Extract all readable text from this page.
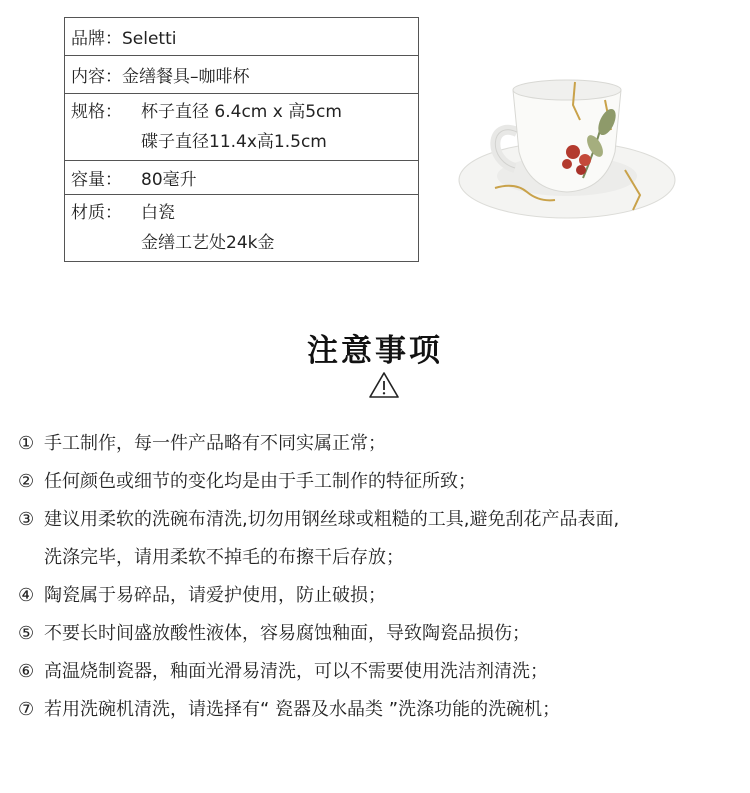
品牌：Seletti
内容：金缮餐具–咖啡杯

规格： 杯子直径 6.4cm x 高5cm
碟子直径11.4x高1.5cm

容量： 80毫升

材质： 白瓷
金缮工艺处24k金
注意事项
① 手工制作，每一件产品略有不同实属正常；
② 任何颜色或细节的变化均是由于手工制作的特征所致；
③ 建议用柔软的洗碗布清洗,切勿用钢丝球或粗糙的工具,避免刮花产品表面,
洗涤完毕，请用柔软不掉毛的布擦干后存放；
④ 陶瓷属于易碎品，请爱护使用，防止破损；
⑤ 不要长时间盛放酸性液体，容易腐蚀釉面，导致陶瓷品损伤；
⑥ 高温烧制瓷器，釉面光滑易清洗，可以不需要使用洗洁剂清洗；
⑦ 若用洗碗机清洗，请选择有“ 瓷器及水晶类 ”洗涤功能的洗碗机；
